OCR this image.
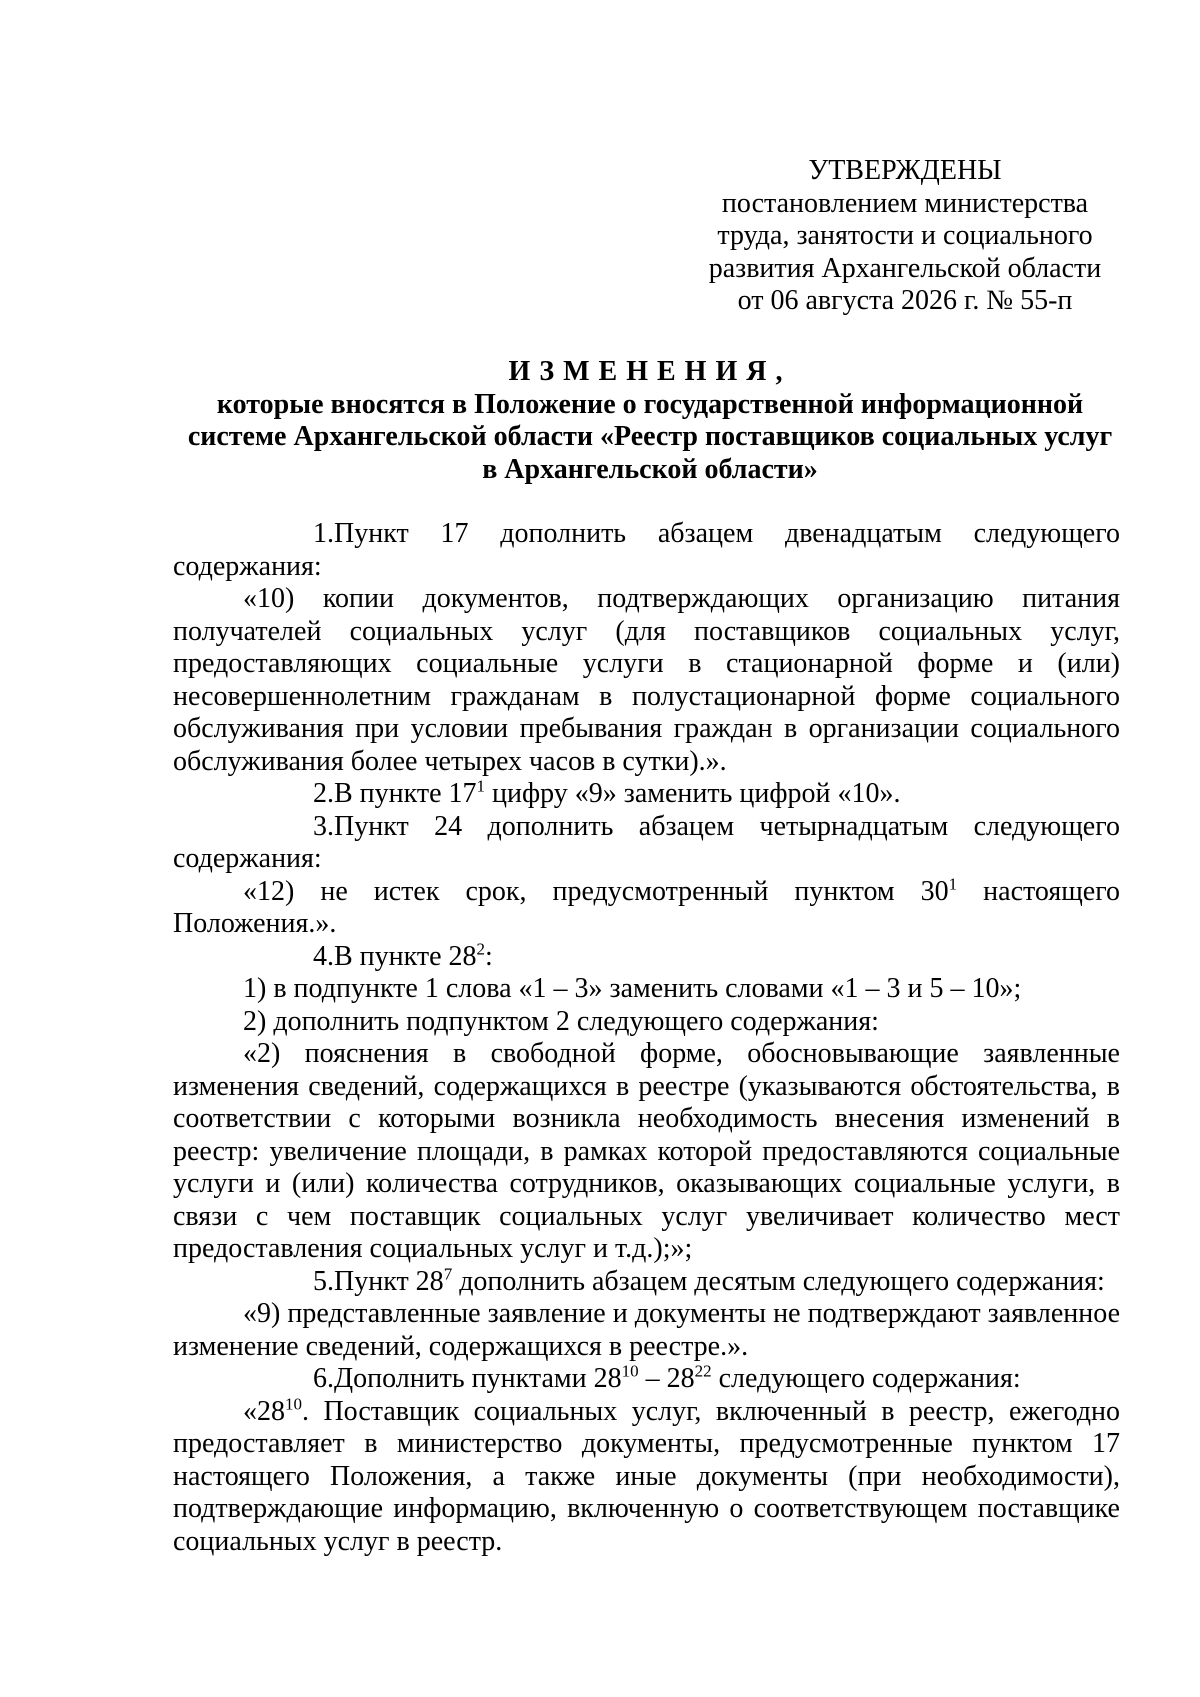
УТВЕРЖДЕНЫ
постановлением министерства
труда, занятости и социального
развития Архангельской области
от 06 августа 2026 г. № 55-п
ИЗМЕНЕНИЯ,
которые вносятся в Положение о государственной информационной
системе Архангельской области «Реестр поставщиков социальных услуг
в Архангельской области»

1.Пункт 17 дополнить абзацем двенадцатым следующего содержания:

«10) копии документов, подтверждающих организацию питания получателей социальных услуг (для поставщиков социальных услуг, предоставляющих социальные услуги в стационарной форме и (или) несовершеннолетним гражданам в полустационарной форме социального обслуживания при условии пребывания граждан в организации социального обслуживания более четырех часов в сутки).».

2.В пункте $17^1$ цифру «9» заменить цифрой «10».

3.Пункт 24 дополнить абзацем четырнадцатым следующего содержания:

«12) не истек срок, предусмотренный пунктом $30^1$ настоящего Положения.».

4.В пункте $28^2$:

1) в подпункте 1 слова «1 – 3» заменить словами «1 – 3 и 5 – 10»;

2) дополнить подпунктом 2 следующего содержания:

«2) пояснения в свободной форме, обосновывающие заявленные изменения сведений, содержащихся в реестре (указываются обстоятельства, в соответствии с которыми возникла необходимость внесения изменений в реестр: увеличение площади, в рамках которой предоставляются социальные услуги и (или) количества сотрудников, оказывающих социальные услуги, в связи с чем поставщик социальных услуг увеличивает количество мест предоставления социальных услуг и т.д.);»;

5.Пункт $28^7$ дополнить абзацем десятым следующего содержания:

«9) представленные заявление и документы не подтверждают заявленное изменение сведений, содержащихся в реестре.».

6.Дополнить пунктами $28^{10} - 28^{22}$ следующего содержания:

«$28^{10}$. Поставщик социальных услуг, включенный в реестр, ежегодно предоставляет в министерство документы, предусмотренные пунктом 17 настоящего Положения, а также иные документы (при необходимости), подтверждающие информацию, включенную о соответствующем поставщике социальных услуг в реестр.
